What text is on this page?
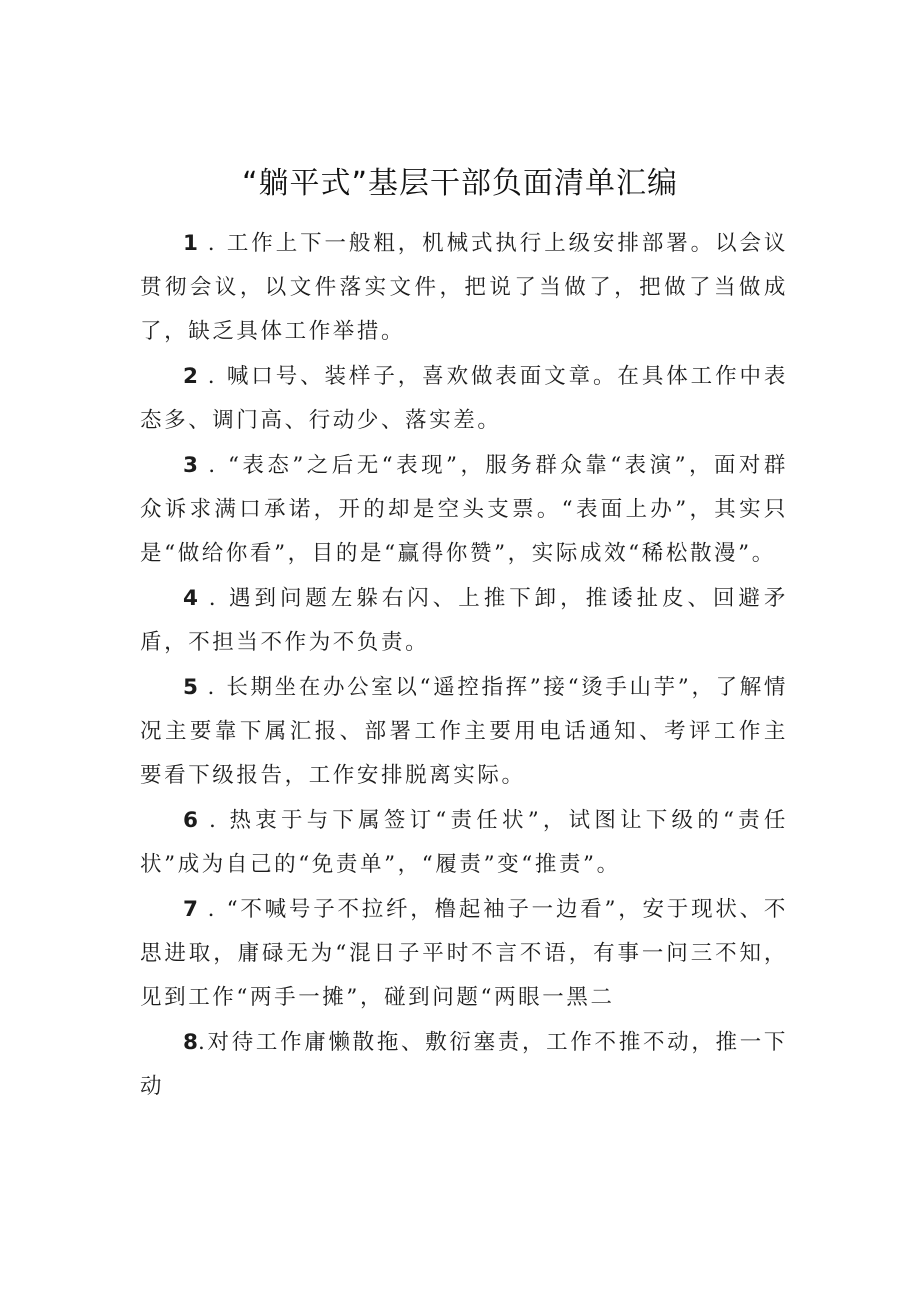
“躺平式”基层干部负面清单汇编

1 . 工作上下一般粗，机械式执行上级安排部署。以会议贯彻会议，以文件落实文件，把说了当做了，把做了当做成了，缺乏具体工作举措。

2 . 喊口号、装样子，喜欢做表面文章。在具体工作中表态多、调门高、行动少、落实差。

3 . “表态”之后无“表现”，服务群众靠“表演”，面对群众诉求满口承诺，开的却是空头支票。“表面上办”，其实只是“做给你看”，目的是“赢得你赞”，实际成效“稀松散漫”。

4 . 遇到问题左躲右闪、上推下卸，推诿扯皮、回避矛盾，不担当不作为不负责。

5 . 长期坐在办公室以“遥控指挥”接“烫手山芋”，了解情况主要靠下属汇报、部署工作主要用电话通知、考评工作主要看下级报告，工作安排脱离实际。

6 . 热衷于与下属签订“责任状”，试图让下级的“责任状”成为自己的“免责单”，“履责”变“推责”。

7 . “不喊号子不拉纤，橹起袖子一边看”，安于现状、不思进取，庸碌无为“混日子平时不言不语，有事一问三不知，见到工作“两手一摊”，碰到问题“两眼一黑二

8.对待工作庸懒散拖、敷衍塞责，工作不推不动，推一下动
